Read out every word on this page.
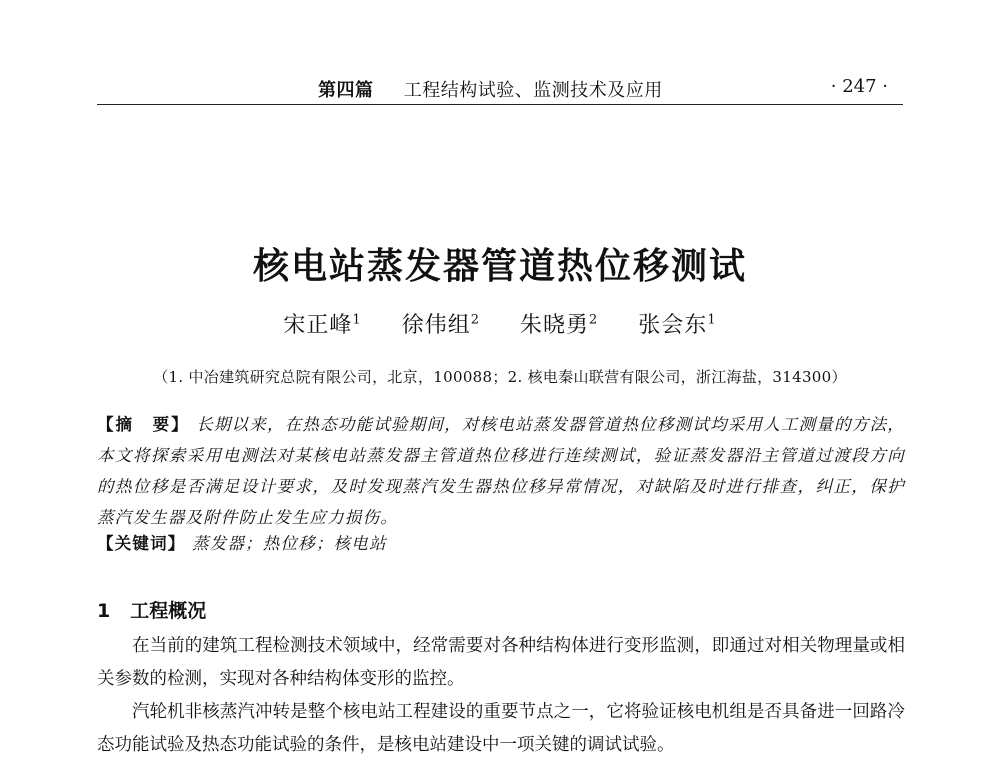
第四篇 工程结构试验、监测技术及应用	· 247 ·
核电站蒸发器管道热位移测试
宋正峰$^1$ 徐伟组$^2$ 朱晓勇$^2$ 张会东$^1$
（1. 中冶建筑研究总院有限公司，北京，100088；2. 核电秦山联营有限公司，浙江海盐，314300）
【摘　要】 长期以来，在热态功能试验期间，对核电站蒸发器管道热位移测试均采用人工测量的方法，本文将探索采用电测法对某核电站蒸发器主管道热位移进行连续测试，验证蒸发器沿主管道过渡段方向的热位移是否满足设计要求，及时发现蒸汽发生器热位移异常情况，对缺陷及时进行排查，纠正，保护蒸汽发生器及附件防止发生应力损伤。
【关键词】 蒸发器；热位移；核电站
1 工程概况

在当前的建筑工程检测技术领域中，经常需要对各种结构体进行变形监测，即通过对相关物理量或相关参数的检测，实现对各种结构体变形的监控。

汽轮机非核蒸汽冲转是整个核电站工程建设的重要节点之一，它将验证核电机组是否具备进一回路冷态功能试验及热态功能试验的条件，是核电站建设中一项关键的调试试验。
